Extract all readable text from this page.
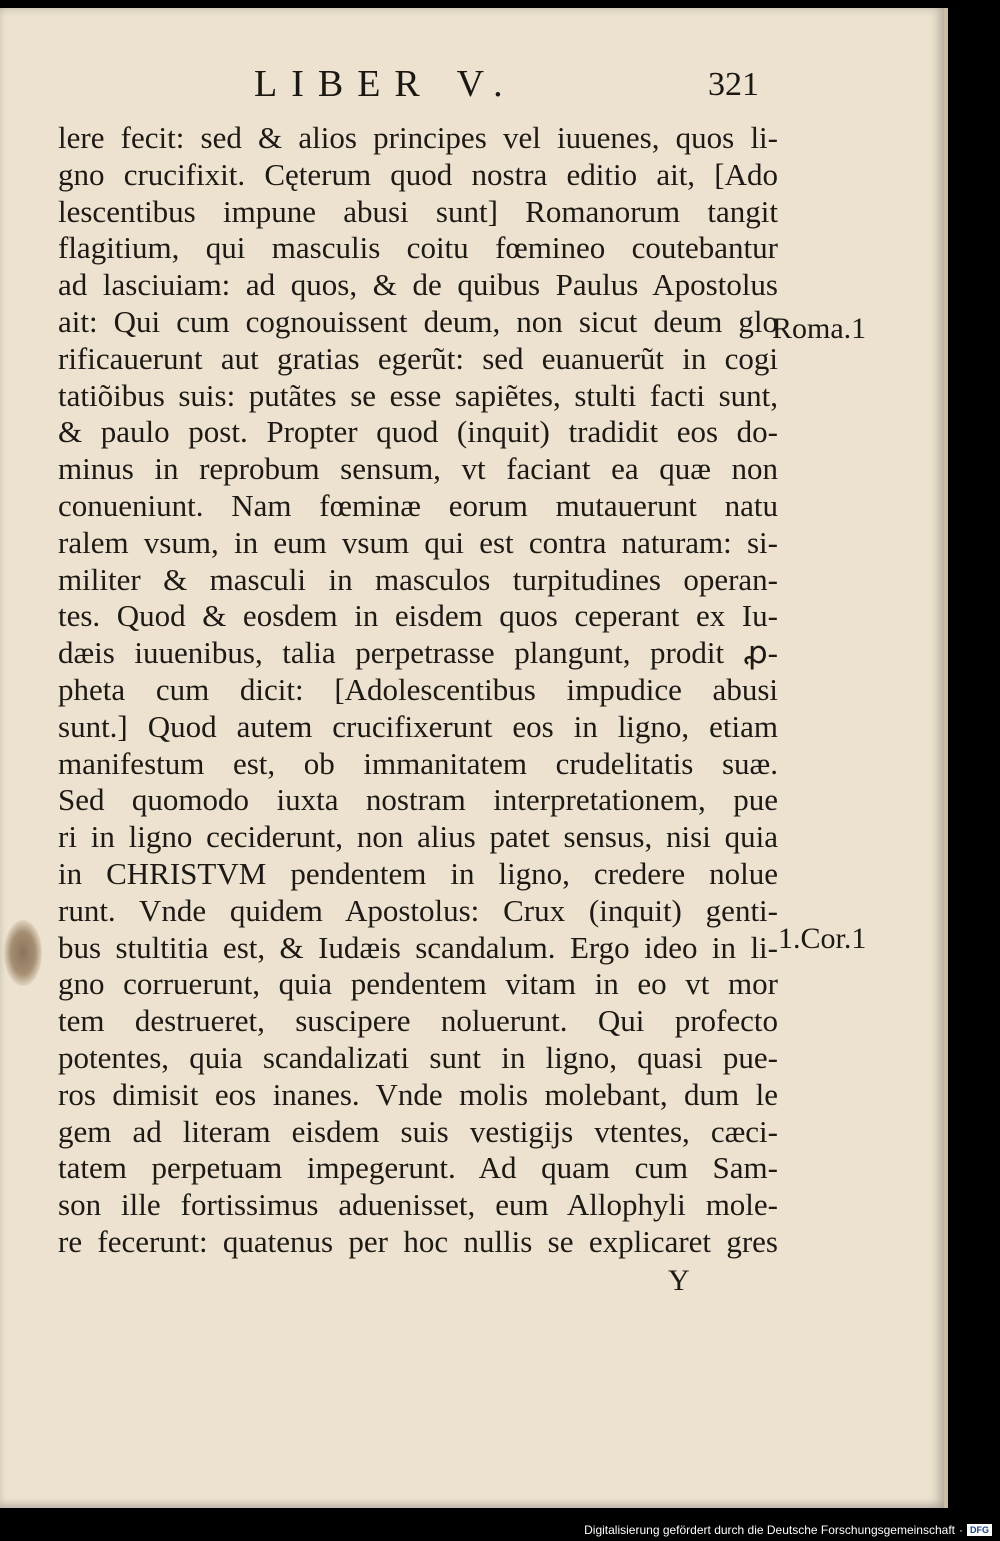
LIBER V.	321
lere fecit: sed & alios principes vel iuuenes, quos li-
gno crucifixit. Cęterum quod nostra editio ait, [Ado
lescentibus impune abusi sunt] Romanorum tangit
flagitium, qui masculis coitu fœmineo coutebantur
ad lasciuiam: ad quos, & de quibus Paulus Apostolus
ait: Qui cum cognouissent deum, non sicut deum glo
rificauerunt aut gratias egerũt: sed euanuerũt in cogi
tatiõibus suis: putãtes se esse sapiẽtes, stulti facti sunt,
& paulo post. Propter quod (inquit) tradidit eos do-
minus in reprobum sensum, vt faciant ea quæ non
conueniunt. Nam fœminæ eorum mutauerunt natu
ralem vsum, in eum vsum qui est contra naturam: si-
militer & masculi in masculos turpitudines operan-
tes. Quod & eosdem in eisdem quos ceperant ex Iu-
dæis iuuenibus, talia perpetrasse plangunt, prodit ꝓ-
pheta cum dicit: [Adolescentibus impudice abusi
sunt.] Quod autem crucifixerunt eos in ligno, etiam
manifestum est, ob immanitatem crudelitatis suæ.
Sed quomodo iuxta nostram interpretationem, pue
ri in ligno ceciderunt, non alius patet sensus, nisi quia
in CHRISTVM pendentem in ligno, credere nolue
runt. Vnde quidem Apostolus: Crux (inquit) genti-
bus stultitia est, & Iudæis scandalum. Ergo ideo in li-
gno corruerunt, quia pendentem vitam in eo vt mor
tem destrueret, suscipere noluerunt. Qui profecto
potentes, quia scandalizati sunt in ligno, quasi pue-
ros dimisit eos inanes. Vnde molis molebant, dum le
gem ad literam eisdem suis vestigijs vtentes, cæci-
tatem perpetuam impegerunt. Ad quam cum Sam-
son ille fortissimus aduenisset, eum Allophyli mole-
re fecerunt: quatenus per hoc nullis se explicaret gres
Roma.1
1.Cor.1
Y
Digitalisierung gefördert durch die Deutsche Forschungsgemeinschaft · DFG
